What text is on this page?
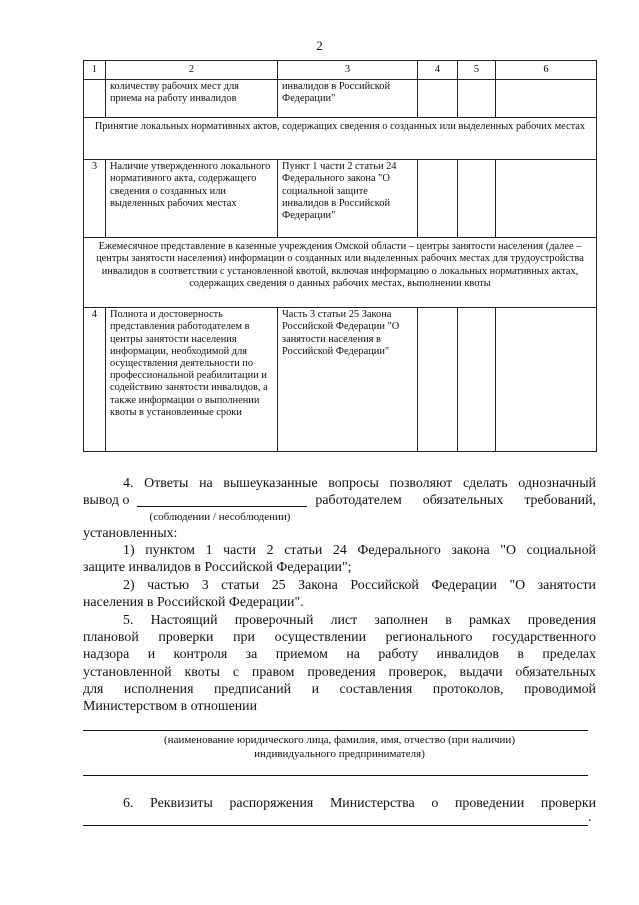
2
1	2	3	4	5	6
	количеству рабочих мест для приема на работу инвалидов	инвалидов в Российской Федерации"			
Принятие локальных нормативных актов, содержащих сведения о созданных или выделенных рабочих местах					
3	Наличие утвержденного локального нормативного акта, содержащего сведения о созданных или выделенных рабочих местах	Пункт 1 части 2 статьи 24 Федерального закона "О социальной защите инвалидов в Российской Федерации"			
Ежемесячное представление в казенные учреждения Омской области – центры занятости населения (далее – центры занятости населения) информации о созданных или выделенных рабочих местах для трудоустройства инвалидов в соответствии с установленной квотой, включая информацию о локальных нормативных актах, содержащих сведения о данных рабочих местах, выполнении квоты					
4	Полнота и достоверность представления работодателем в центры занятости населения информации, необходимой для осуществления деятельности по профессиональной реабилитации и содействию занятости инвалидов, а также информации о выполнении квоты в установленные сроки	Часть 3 статьи 25 Закона Российской Федерации "О занятости населения в Российской Федерации"			
4. Ответы на вышеуказанные вопросы позволяют сделать однозначный
вывод о	работодателем обязательных требований,
(соблюдении / несоблюдении)
установленных:
1) пунктом 1 части 2 статьи 24 Федерального закона "О социальной
защите инвалидов в Российской Федерации";
2) частью 3 статьи 25 Закона Российской Федерации "О занятости
населения в Российской Федерации".
5. Настоящий проверочный лист заполнен в рамках проведения
плановой проверки при осуществлении регионального государственного
надзора и контроля за приемом на работу инвалидов в пределах
установленной квоты с правом проведения проверок, выдачи обязательных
для исполнения предписаний и составления протоколов, проводимой
Министерством в отношении
(наименование юридического лица, фамилия, имя, отчество (при наличии)
индивидуального предпринимателя)
6. Реквизиты распоряжения Министерства о проведении проверки
.
